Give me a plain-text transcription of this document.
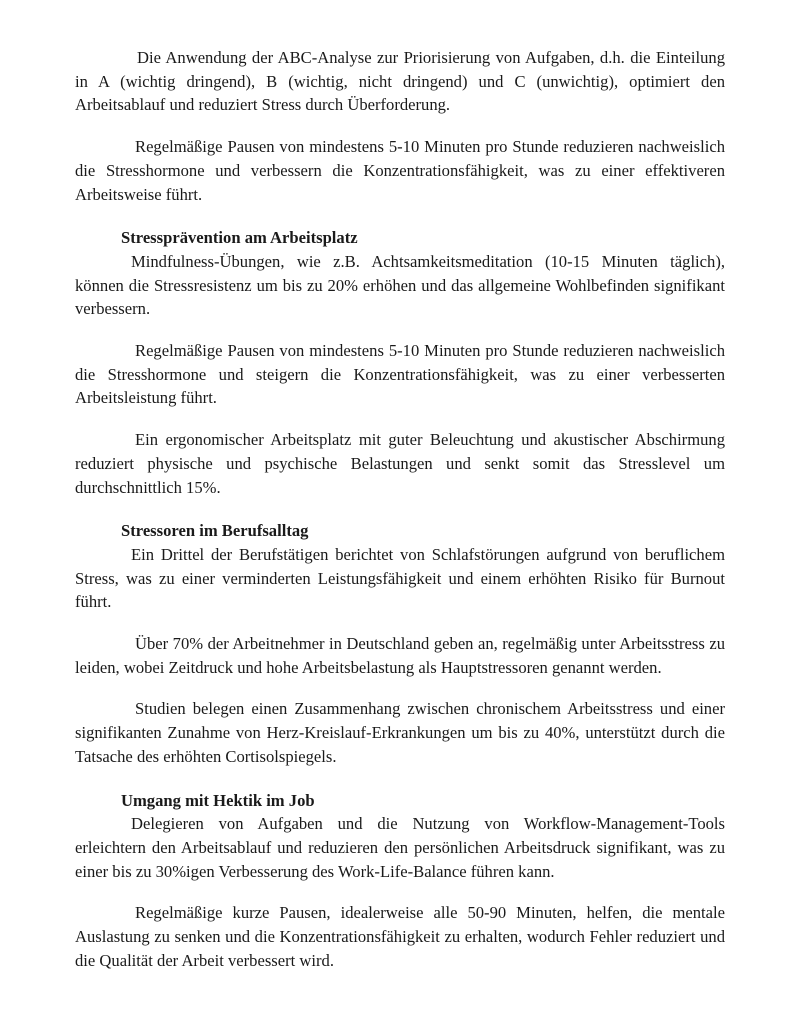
Die Anwendung der ABC-Analyse zur Priorisierung von Aufgaben, d.h. die Einteilung in A (wichtig dringend), B (wichtig, nicht dringend) und C (unwichtig), optimiert den Arbeitsablauf und reduziert Stress durch Überforderung.

Regelmäßige Pausen von mindestens 5-10 Minuten pro Stunde reduzieren nachweislich die Stresshormone und verbessern die Konzentrationsfähigkeit, was zu einer effektiveren Arbeitsweise führt.

Stressprävention am Arbeitsplatz

Mindfulness-Übungen, wie z.B. Achtsamkeitsmeditation (10-15 Minuten täglich), können die Stressresistenz um bis zu 20% erhöhen und das allgemeine Wohlbefinden signifikant verbessern.

Regelmäßige Pausen von mindestens 5-10 Minuten pro Stunde reduzieren nachweislich die Stresshormone und steigern die Konzentrationsfähigkeit, was zu einer verbesserten Arbeitsleistung führt.

Ein ergonomischer Arbeitsplatz mit guter Beleuchtung und akustischer Abschirmung reduziert physische und psychische Belastungen und senkt somit das Stresslevel um durchschnittlich 15%.

Stressoren im Berufsalltag

Ein Drittel der Berufstätigen berichtet von Schlafstörungen aufgrund von beruflichem Stress, was zu einer verminderten Leistungsfähigkeit und einem erhöhten Risiko für Burnout führt.

Über 70% der Arbeitnehmer in Deutschland geben an, regelmäßig unter Arbeitsstress zu leiden, wobei Zeitdruck und hohe Arbeitsbelastung als Hauptstressoren genannt werden.

Studien belegen einen Zusammenhang zwischen chronischem Arbeitsstress und einer signifikanten Zunahme von Herz-Kreislauf-Erkrankungen um bis zu 40%, unterstützt durch die Tatsache des erhöhten Cortisolspiegels.

Umgang mit Hektik im Job

Delegieren von Aufgaben und die Nutzung von Workflow-Management-Tools erleichtern den Arbeitsablauf und reduzieren den persönlichen Arbeitsdruck signifikant, was zu einer bis zu 30%igen Verbesserung des Work-Life-Balance führen kann.

Regelmäßige kurze Pausen, idealerweise alle 50-90 Minuten, helfen, die mentale Auslastung zu senken und die Konzentrationsfähigkeit zu erhalten, wodurch Fehler reduziert und die Qualität der Arbeit verbessert wird.
